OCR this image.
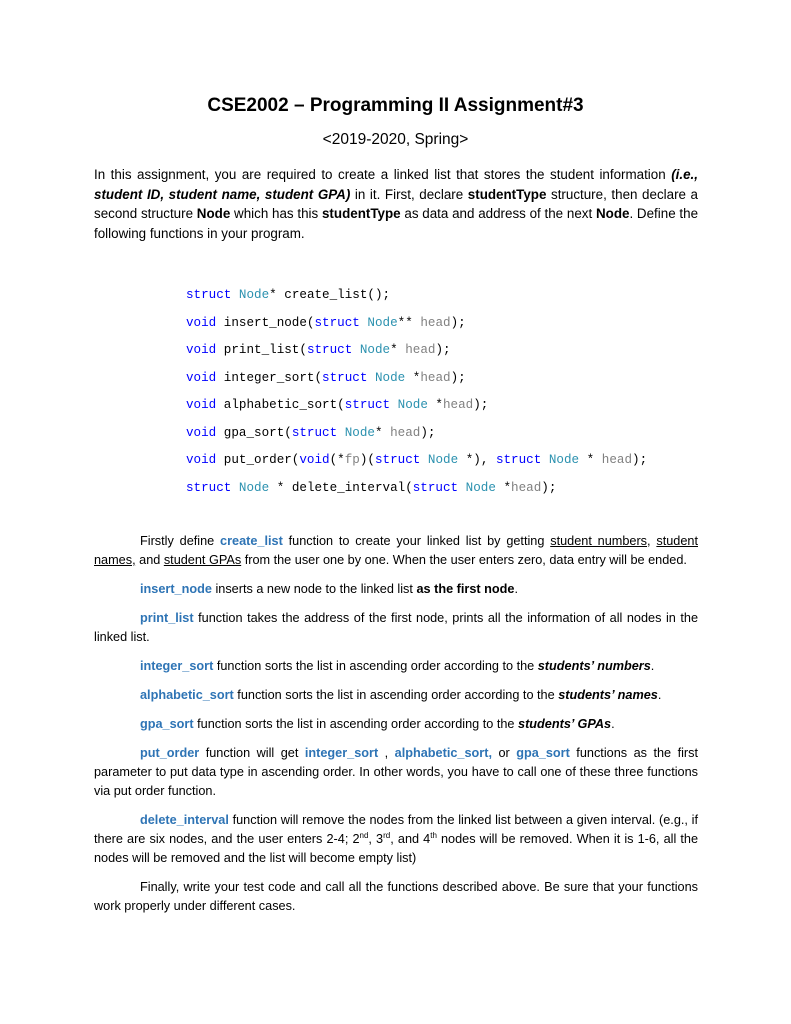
CSE2002 – Programming II Assignment#3
<2019-2020, Spring>
In this assignment, you are required to create a linked list that stores the student information (i.e., student ID, student name, student GPA) in it. First, declare studentType structure, then declare a second structure Node which has this studentType as data and address of the next Node. Define the following functions in your program.
struct Node* create_list();
void insert_node(struct Node** head);
void print_list(struct Node* head);
void integer_sort(struct Node *head);
void alphabetic_sort(struct Node *head);
void gpa_sort(struct Node* head);
void put_order(void(*fp)(struct Node *), struct Node * head);
struct Node * delete_interval(struct Node *head);
Firstly define create_list function to create your linked list by getting student numbers, student names, and student GPAs from the user one by one. When the user enters zero, data entry will be ended.
insert_node inserts a new node to the linked list as the first node.
print_list function takes the address of the first node, prints all the information of all nodes in the linked list.
integer_sort function sorts the list in ascending order according to the students’ numbers.
alphabetic_sort function sorts the list in ascending order according to the students’ names.
gpa_sort function sorts the list in ascending order according to the students’ GPAs.
put_order function will get integer_sort , alphabetic_sort, or gpa_sort functions as the first parameter to put data type in ascending order. In other words, you have to call one of these three functions via put order function.
delete_interval function will remove the nodes from the linked list between a given interval. (e.g., if there are six nodes, and the user enters 2-4; 2nd, 3rd, and 4th nodes will be removed. When it is 1-6, all the nodes will be removed and the list will become empty list)
Finally, write your test code and call all the functions described above. Be sure that your functions work properly under different cases.
